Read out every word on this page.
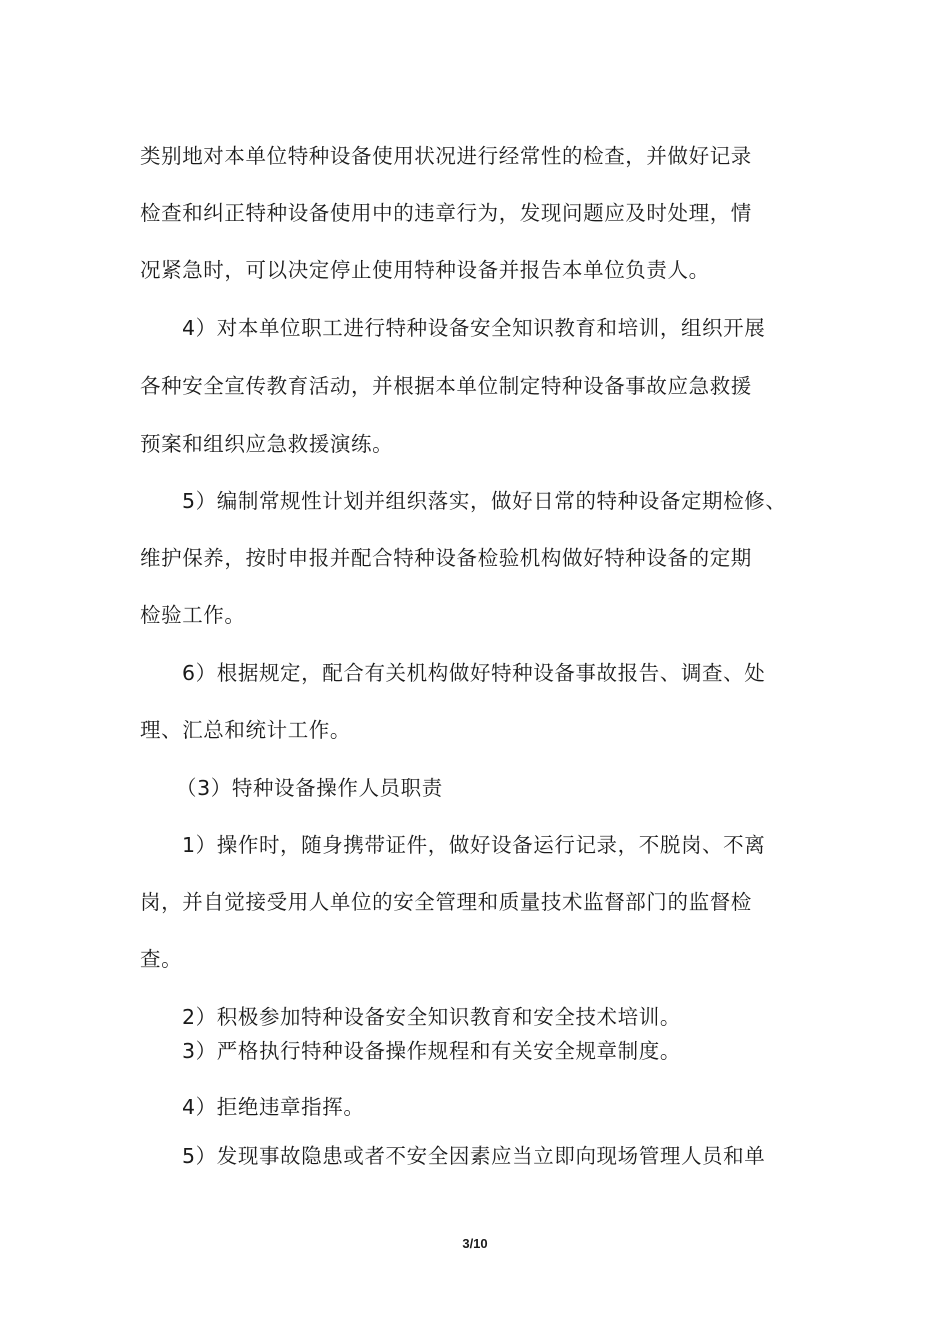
类别地对本单位特种设备使用状况进行经常性的检查，并做好记录
检查和纠正特种设备使用中的违章行为，发现问题应及时处理，情
况紧急时，可以决定停止使用特种设备并报告本单位负责人。
4）对本单位职工进行特种设备安全知识教育和培训，组织开展
各种安全宣传教育活动，并根据本单位制定特种设备事故应急救援
预案和组织应急救援演练。
5）编制常规性计划并组织落实，做好日常的特种设备定期检修、
维护保养，按时申报并配合特种设备检验机构做好特种设备的定期
检验工作。
6）根据规定，配合有关机构做好特种设备事故报告、调查、处
理、汇总和统计工作。
（3）特种设备操作人员职责
1）操作时，随身携带证件，做好设备运行记录，不脱岗、不离
岗，并自觉接受用人单位的安全管理和质量技术监督部门的监督检
查。
2）积极参加特种设备安全知识教育和安全技术培训。
3）严格执行特种设备操作规程和有关安全规章制度。
4）拒绝违章指挥。
5）发现事故隐患或者不安全因素应当立即向现场管理人员和单
3/10
